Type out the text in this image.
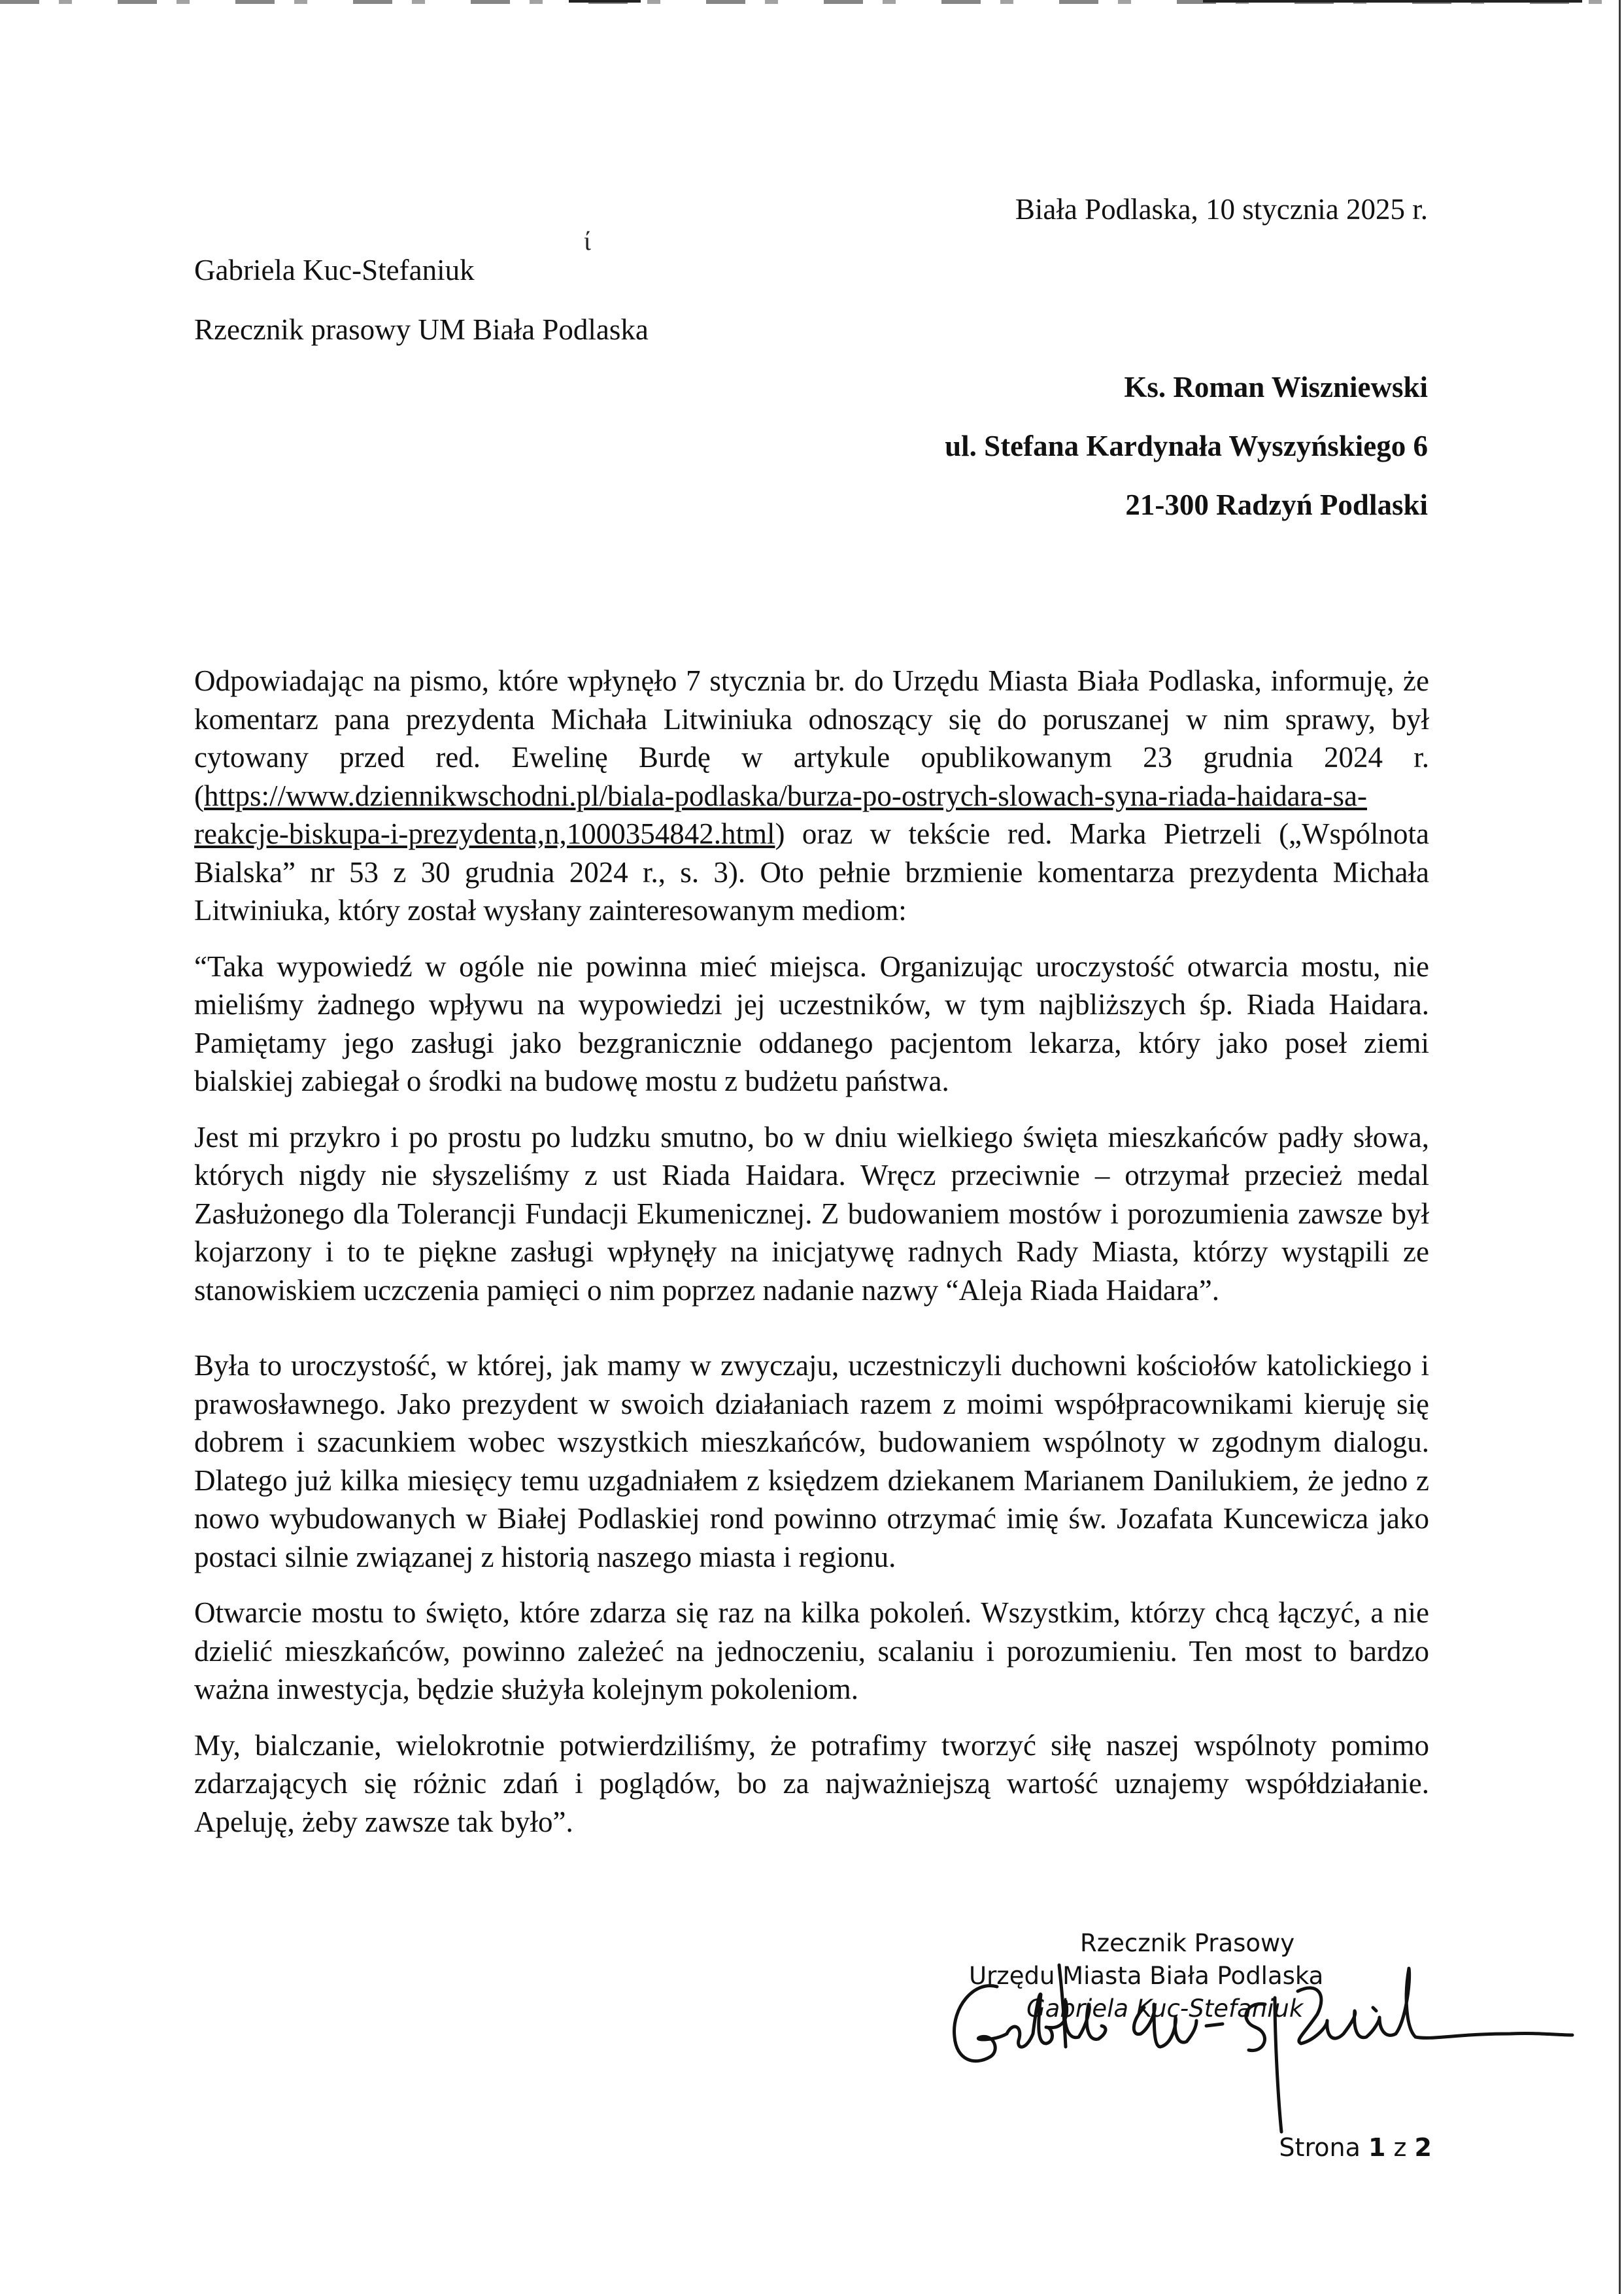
ί
Biała Podlaska, 10 stycznia 2025 r.
Gabriela Kuc-Stefaniuk
Rzecznik prasowy UM Biała Podlaska
Ks. Roman Wiszniewski
ul. Stefana Kardynała Wyszyńskiego 6
21-300 Radzyń Podlaski

Odpowiadając na pismo, które wpłynęło 7 stycznia br. do Urzędu Miasta Biała Podlaska, informuję, że komentarz pana prezydenta Michała Litwiniuka odnoszący się do poruszanej w nim sprawy, był cytowany przed red. Ewelinę Burdę w artykule opublikowanym 23 grudnia 2024 r. (https://www.dziennikwschodni.pl/biala-podlaska/burza-po-ostrych-slowach-syna-riada-haidara-sa-reakcje-biskupa-i-prezydenta,n,1000354842.html) oraz w tekście red. Marka Pietrzeli („Wspólnota Bialska” nr 53 z 30 grudnia 2024 r., s. 3). Oto pełnie brzmienie komentarza prezydenta Michała Litwiniuka, który został wysłany zainteresowanym mediom:

“Taka wypowiedź w ogóle nie powinna mieć miejsca. Organizując uroczystość otwarcia mostu, nie mieliśmy żadnego wpływu na wypowiedzi jej uczestników, w tym najbliższych śp. Riada Haidara. Pamiętamy jego zasługi jako bezgranicznie oddanego pacjentom lekarza, który jako poseł ziemi bialskiej zabiegał o środki na budowę mostu z budżetu państwa.

Jest mi przykro i po prostu po ludzku smutno, bo w dniu wielkiego święta mieszkańców padły słowa, których nigdy nie słyszeliśmy z ust Riada Haidara. Wręcz przeciwnie – otrzymał przecież medal Zasłużonego dla Tolerancji Fundacji Ekumenicznej. Z budowaniem mostów i porozumienia zawsze był kojarzony i to te piękne zasługi wpłynęły na inicjatywę radnych Rady Miasta, którzy wystąpili ze stanowiskiem uczczenia pamięci o nim poprzez nadanie nazwy “Aleja Riada Haidara”.

Była to uroczystość, w której, jak mamy w zwyczaju, uczestniczyli duchowni kościołów katolickiego i prawosławnego. Jako prezydent w swoich działaniach razem z moimi współpracownikami kieruję się dobrem i szacunkiem wobec wszystkich mieszkańców, budowaniem wspólnoty w zgodnym dialogu. Dlatego już kilka miesięcy temu uzgadniałem z księdzem dziekanem Marianem Danilukiem, że jedno z nowo wybudowanych w Białej Podlaskiej rond powinno otrzymać imię św. Jozafata Kuncewicza jako postaci silnie związanej z historią naszego miasta i regionu.

Otwarcie mostu to święto, które zdarza się raz na kilka pokoleń. Wszystkim, którzy chcą łączyć, a nie dzielić mieszkańców, powinno zależeć na jednoczeniu, scalaniu i porozumieniu. Ten most to bardzo ważna inwestycja, będzie służyła kolejnym pokoleniom.

My, bialczanie, wielokrotnie potwierdziliśmy, że potrafimy tworzyć siłę naszej wspólnoty pomimo zdarzających się różnic zdań i poglądów, bo za najważniejszą wartość uznajemy współdziałanie. Apeluję, żeby zawsze tak było”.

Rzecznik Prasowy
Urzędu Miasta Biała Podlaska
Gabriela Kuc-Stefaniuk
Strona 1 z 2
